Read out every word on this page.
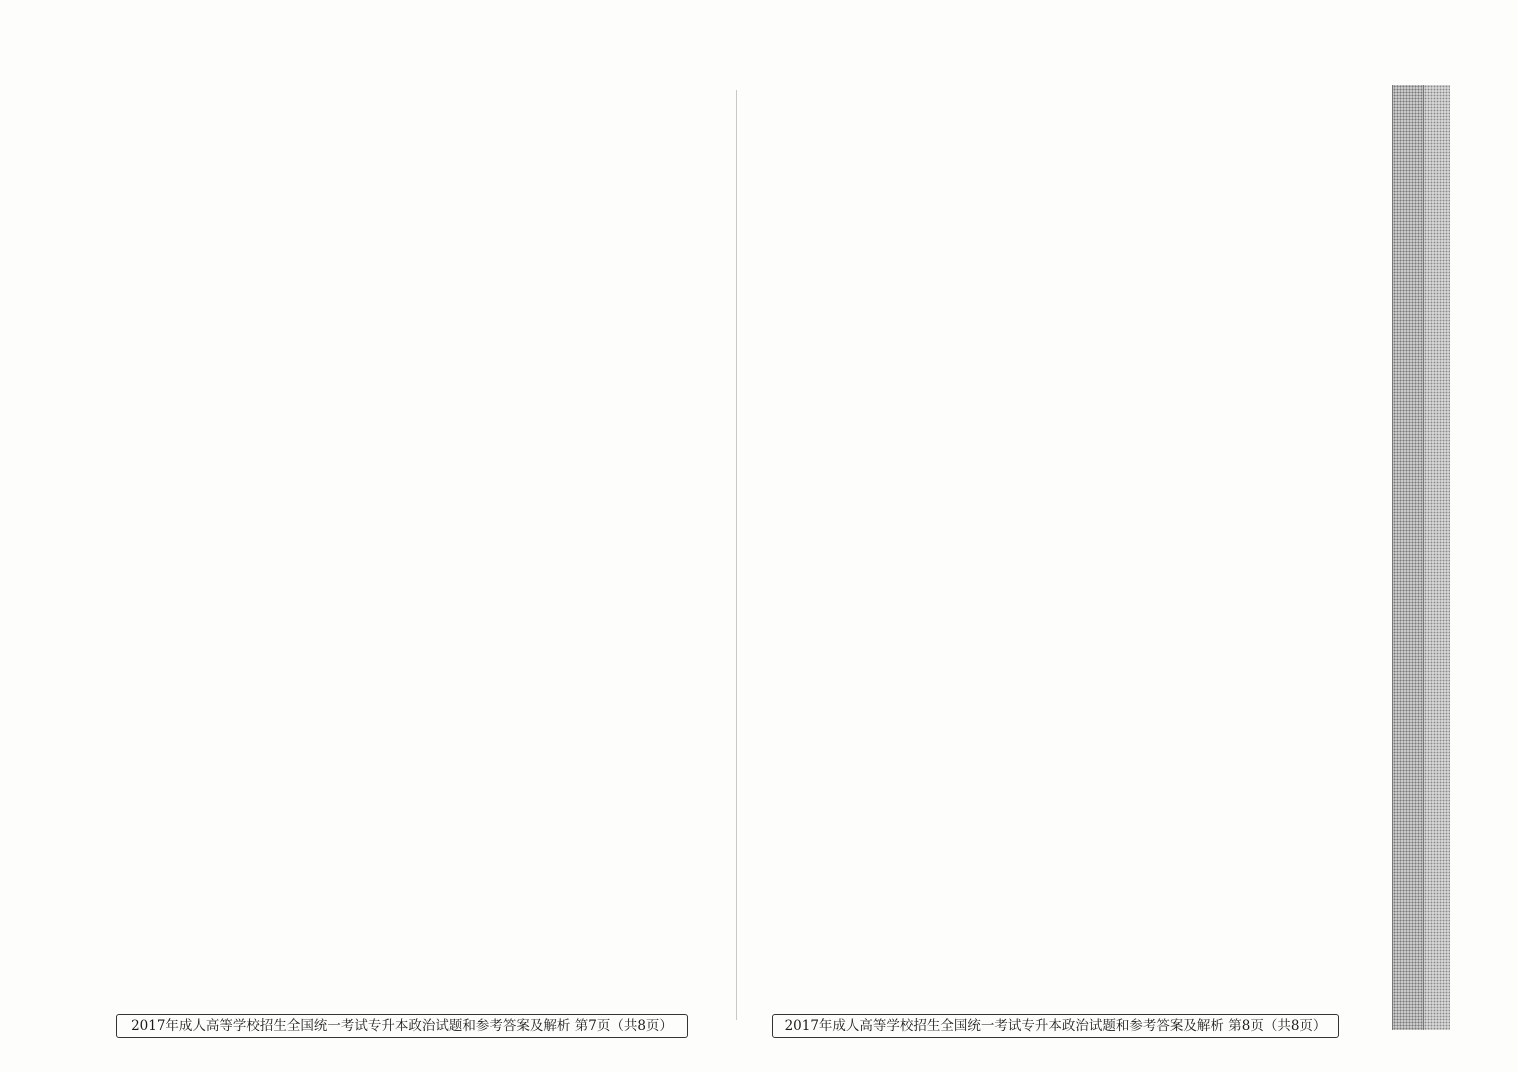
2017年成人高等学校招生全国统一考试专升本政治试题和参考答案及解析 第7页（共8页）	2017年成人高等学校招生全国统一考试专升本政治试题和参考答案及解析 第8页（共8页）
